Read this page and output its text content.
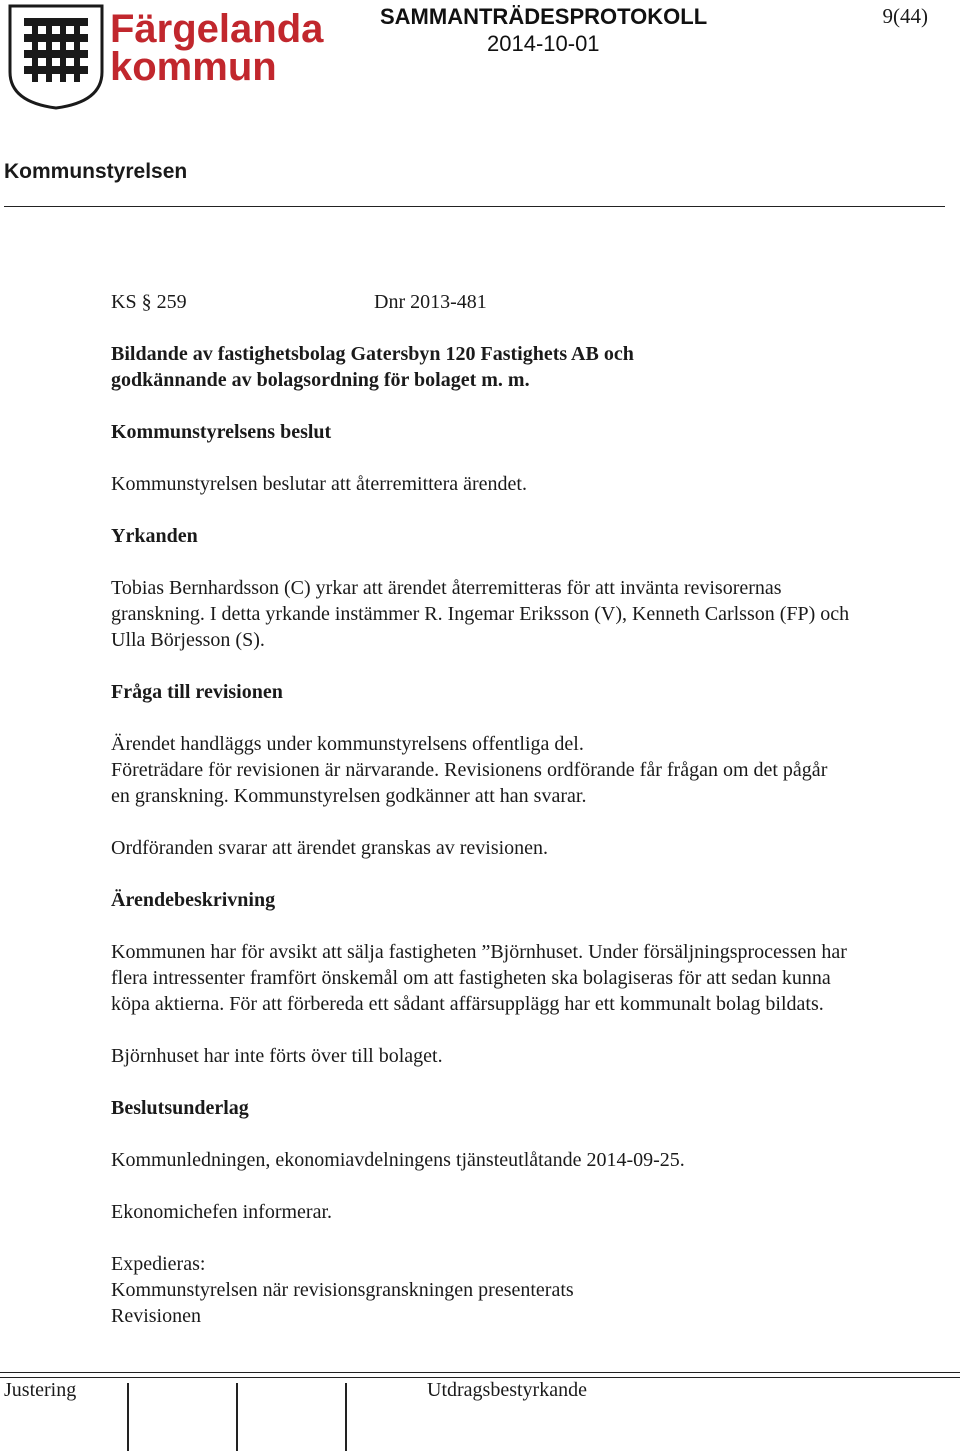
Färgelanda
kommun
SAMMANTRÄDESPROTOKOLL
2014-10-01
9(44)
Kommunstyrelsen
KS § 259	Dnr 2013-481
Bildande av fastighetsbolag Gatersbyn 120 Fastighets AB och
godkännande av bolagsordning för bolaget m. m.
Kommunstyrelsens beslut

Kommunstyrelsen beslutar att återremittera ärendet.

Yrkanden

Tobias Bernhardsson (C) yrkar att ärendet återremitteras för att invänta revisorernas

granskning. I detta yrkande instämmer R. Ingemar Eriksson (V), Kenneth Carlsson (FP) och

Ulla Börjesson (S).

Fråga till revisionen

Ärendet handläggs under kommunstyrelsens offentliga del.

Företrädare för revisionen är närvarande. Revisionens ordförande får frågan om det pågår

en granskning. Kommunstyrelsen godkänner att han svarar.

Ordföranden svarar att ärendet granskas av revisionen.

Ärendebeskrivning

Kommunen har för avsikt att sälja fastigheten ”Björnhuset. Under försäljningsprocessen har

flera intressenter framfört önskemål om att fastigheten ska bolagiseras för att sedan kunna

köpa aktierna. För att förbereda ett sådant affärsupplägg har ett kommunalt bolag bildats.

Björnhuset har inte förts över till bolaget.

Beslutsunderlag

Kommunledningen, ekonomiavdelningens tjänsteutlåtande 2014-09-25.

Ekonomichefen informerar.

Expedieras:

Kommunstyrelsen när revisionsgranskningen presenterats

Revisionen

Justering	Utdragsbestyrkande
